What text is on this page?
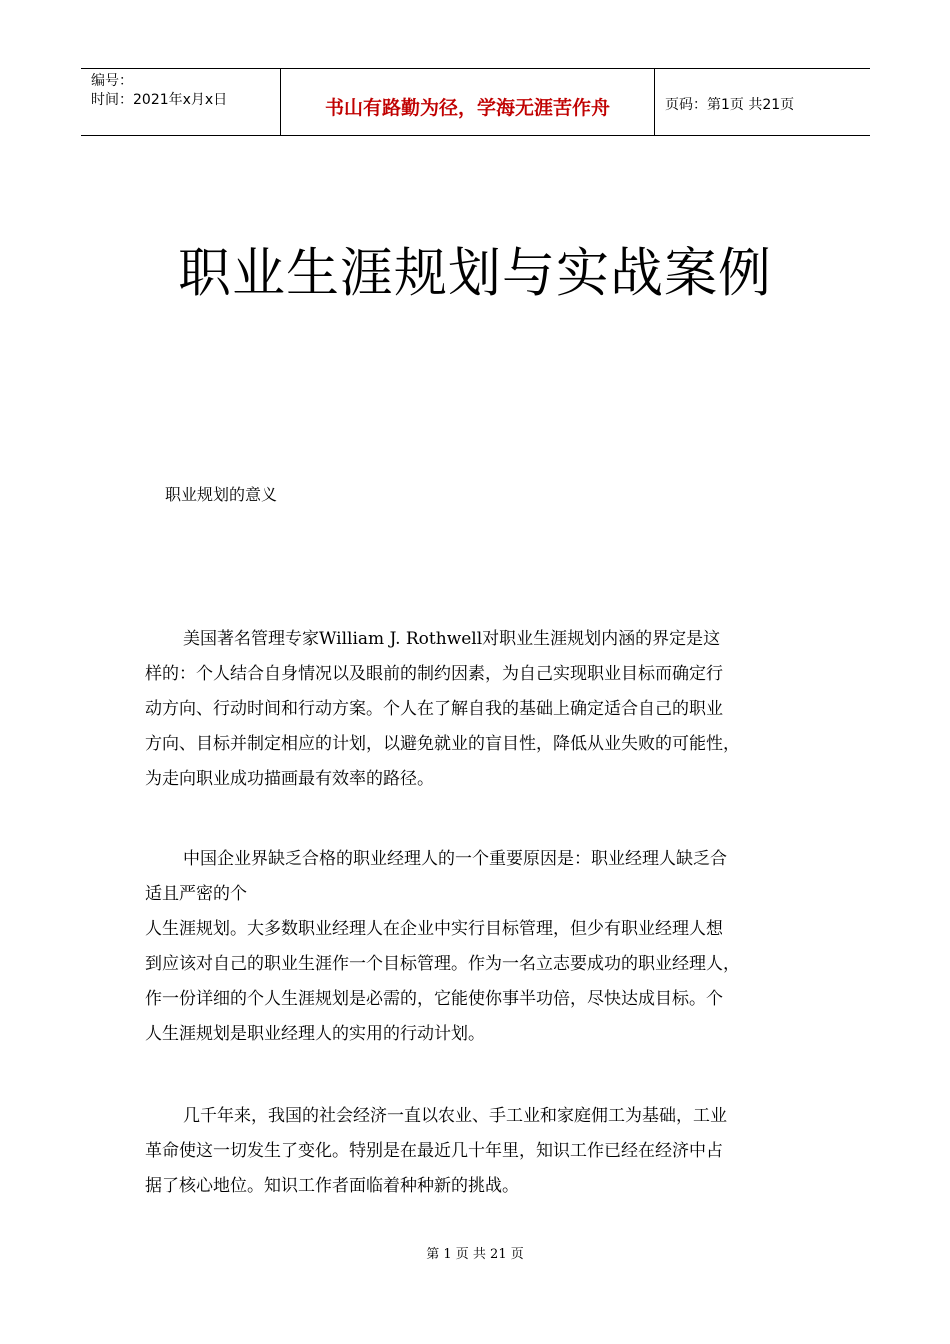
编号：
时间：2021年x月x日	书山有路勤为径，学海无涯苦作舟	页码：第1页 共21页
职业生涯规划与实战案例
职业规划的意义

美国著名管理专家William J. Rothwell对职业生涯规划内涵的界定是这
样的：个人结合自身情况以及眼前的制约因素，为自己实现职业目标而确定行
动方向、行动时间和行动方案。个人在了解自我的基础上确定适合自己的职业
方向、目标并制定相应的计划，以避免就业的盲目性，降低从业失败的可能性，
为走向职业成功描画最有效率的路径。

中国企业界缺乏合格的职业经理人的一个重要原因是：职业经理人缺乏合
适且严密的个
人生涯规划。大多数职业经理人在企业中实行目标管理，但少有职业经理人想
到应该对自己的职业生涯作一个目标管理。作为一名立志要成功的职业经理人，
作一份详细的个人生涯规划是必需的，它能使你事半功倍，尽快达成目标。个
人生涯规划是职业经理人的实用的行动计划。

几千年来，我国的社会经济一直以农业、手工业和家庭佣工为基础，工业
革命使这一切发生了变化。特别是在最近几十年里，知识工作已经在经济中占
据了核心地位。知识工作者面临着种种新的挑战。

第 1 页 共 21 页
